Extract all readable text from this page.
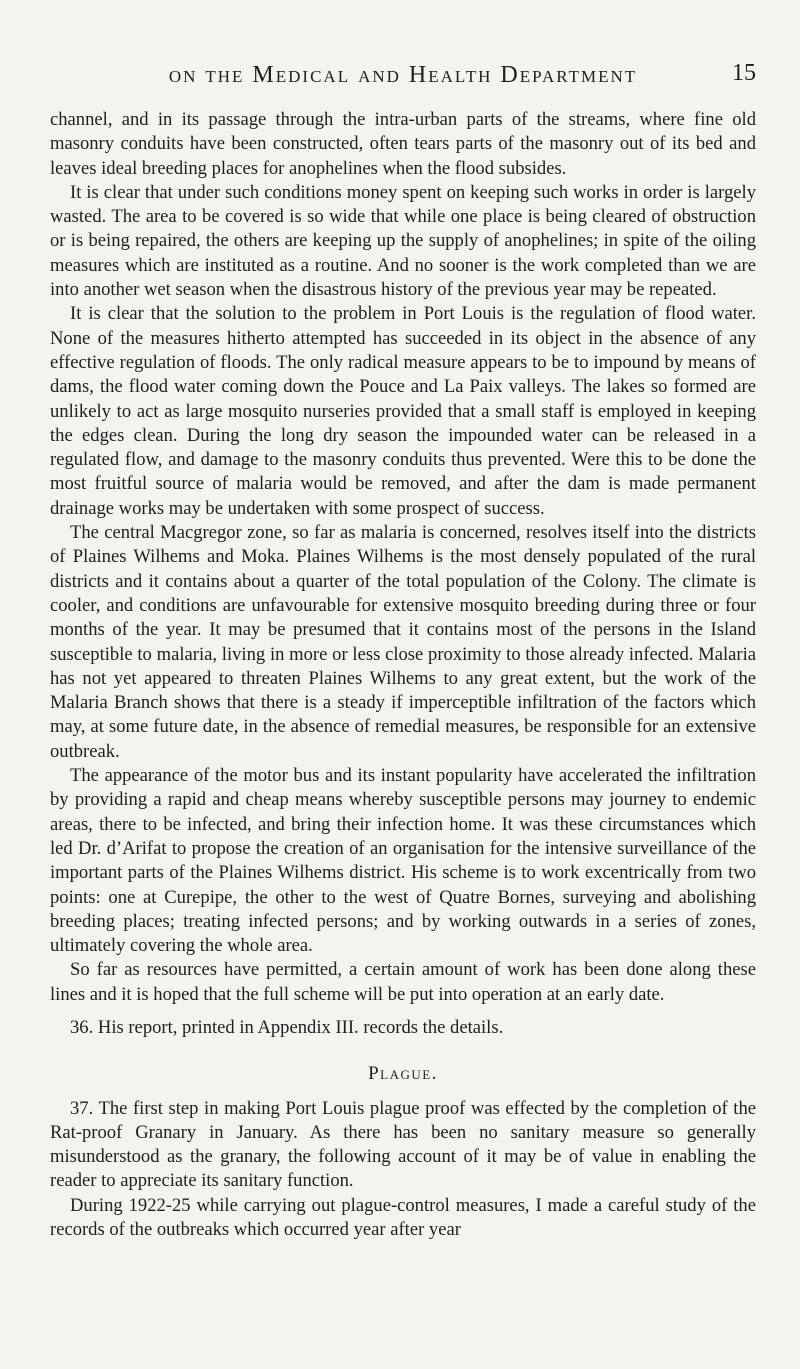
on the Medical and Health Department	15

channel, and in its passage through the intra-urban parts of the streams, where fine old masonry conduits have been constructed, often tears parts of the masonry out of its bed and leaves ideal breeding places for anophelines when the flood subsides.

It is clear that under such conditions money spent on keeping such works in order is largely wasted. The area to be covered is so wide that while one place is being cleared of obstruction or is being repaired, the others are keeping up the supply of anophelines; in spite of the oiling measures which are instituted as a routine. And no sooner is the work completed than we are into another wet season when the disastrous history of the previous year may be repeated.

It is clear that the solution to the problem in Port Louis is the regulation of flood water. None of the measures hitherto attempted has succeeded in its object in the absence of any effective regulation of floods. The only radical measure appears to be to impound by means of dams, the flood water coming down the Pouce and La Paix valleys. The lakes so formed are unlikely to act as large mosquito nurseries provided that a small staff is employed in keeping the edges clean. During the long dry season the impounded water can be released in a regulated flow, and damage to the masonry conduits thus prevented. Were this to be done the most fruitful source of malaria would be removed, and after the dam is made permanent drainage works may be undertaken with some prospect of success.

The central Macgregor zone, so far as malaria is concerned, resolves itself into the districts of Plaines Wilhems and Moka. Plaines Wilhems is the most densely populated of the rural districts and it contains about a quarter of the total population of the Colony. The climate is cooler, and conditions are unfavourable for extensive mosquito breeding during three or four months of the year. It may be presumed that it contains most of the persons in the Island susceptible to malaria, living in more or less close proximity to those already infected. Malaria has not yet appeared to threaten Plaines Wilhems to any great extent, but the work of the Malaria Branch shows that there is a steady if imperceptible infiltration of the factors which may, at some future date, in the absence of remedial measures, be responsible for an extensive outbreak.

The appearance of the motor bus and its instant popularity have accelerated the infiltration by providing a rapid and cheap means whereby susceptible persons may journey to endemic areas, there to be infected, and bring their infection home. It was these circumstances which led Dr. d’Arifat to propose the creation of an organisation for the intensive surveillance of the important parts of the Plaines Wilhems district. His scheme is to work excentrically from two points: one at Curepipe, the other to the west of Quatre Bornes, surveying and abolishing breeding places; treating infected persons; and by working outwards in a series of zones, ultimately covering the whole area.

So far as resources have permitted, a certain amount of work has been done along these lines and it is hoped that the full scheme will be put into operation at an early date.

36. His report, printed in Appendix III. records the details.

Plague.

37. The first step in making Port Louis plague proof was effected by the completion of the Rat-proof Granary in January. As there has been no sanitary measure so generally misunderstood as the granary, the following account of it may be of value in enabling the reader to appreciate its sanitary function.

During 1922-25 while carrying out plague-control measures, I made a careful study of the records of the outbreaks which occurred year after year
